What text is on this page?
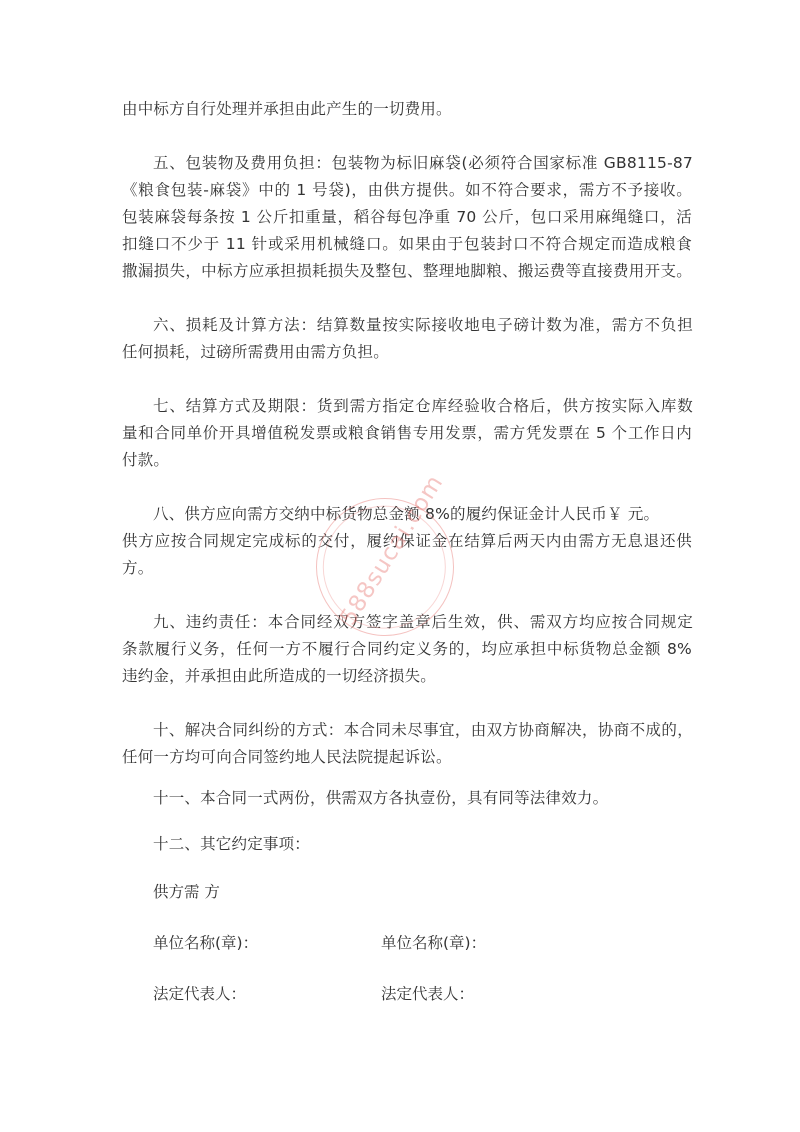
由中标方自行处理并承担由此产生的一切费用。
五、包装物及费用负担：包装物为标旧麻袋(必须符合国家标准 GB8115-87
《粮食包装-麻袋》中的 1 号袋)，由供方提供。如不符合要求，需方不予接收。
包装麻袋每条按 1 公斤扣重量，稻谷每包净重 70 公斤，包口采用麻绳缝口，活
扣缝口不少于 11 针或采用机械缝口。如果由于包装封口不符合规定而造成粮食
撒漏损失，中标方应承担损耗损失及整包、整理地脚粮、搬运费等直接费用开支。
六、损耗及计算方法：结算数量按实际接收地电子磅计数为准，需方不负担
任何损耗，过磅所需费用由需方负担。
七、结算方式及期限：货到需方指定仓库经验收合格后，供方按实际入库数
量和合同单价开具增值税发票或粮食销售专用发票，需方凭发票在 5 个工作日内
付款。
八、供方应向需方交纳中标货物总金额 8%的履约保证金计人民币￥ 元。
供方应按合同规定完成标的交付，履约保证金在结算后两天内由需方无息退还供
方。
九、违约责任：本合同经双方签字盖章后生效，供、需双方均应按合同规定
条款履行义务，任何一方不履行合同约定义务的，均应承担中标货物总金额 8%
违约金，并承担由此所造成的一切经济损失。
十、解决合同纠纷的方式：本合同未尽事宜，由双方协商解决，协商不成的，
任何一方均可向合同签约地人民法院提起诉讼。
十一、本合同一式两份，供需双方各执壹份，具有同等法律效力。
十二、其它约定事项：
供方需 方
单位名称(章)：	单位名称(章)：
法定代表人：	法定代表人：
588sucai.com
